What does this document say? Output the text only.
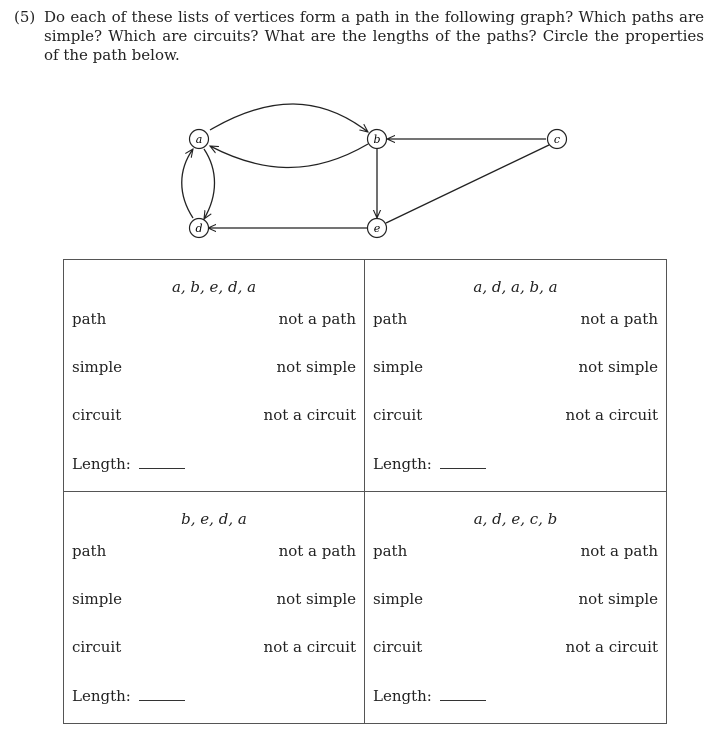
(5) Do each of these lists of vertices form a path in the following graph? Which paths are simple? Which are circuits? What are the lengths of the paths? Circle the properties of the path below.
a	b	c
d	e
a, b, e, d, a
path	not a path
simple	not simple
circuit	not a circuit
Length:
a, d, a, b, a
path	not a path
simple	not simple
circuit	not a circuit
Length:
b, e, d, a
path	not a path
simple	not simple
circuit	not a circuit
Length:
a, d, e, c, b
path	not a path
simple	not simple
circuit	not a circuit
Length:
